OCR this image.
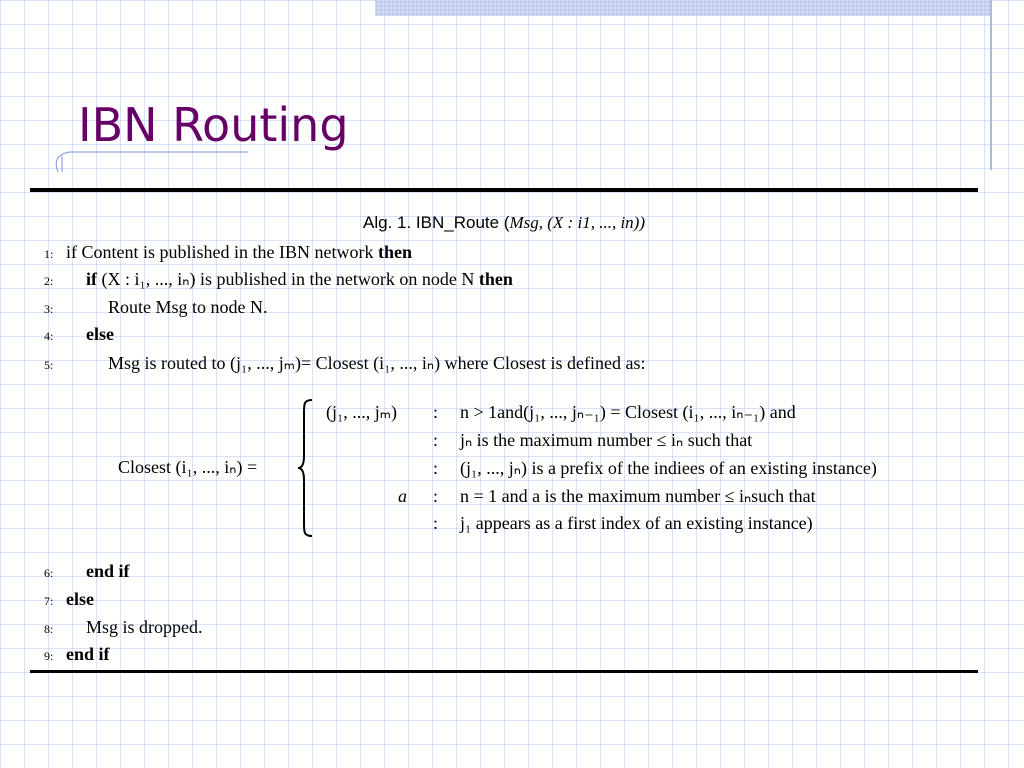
IBN Routing
Alg. 1. IBN_Route (Msg, (X : i1, ..., in))
1: if Content is published in the IBN network then
2: if (X : i₁, ..., iₙ) is published in the network on node N then
3:	Route Msg to node N.
4: else
5:	Msg is routed to (j₁, ..., jₘ)= Closest (i₁, ..., iₙ) where Closest is defined as:
Closest (i₁, ..., iₙ) =
(j₁, ..., jₘ)
a
:
:
:
:
:
n > 1and(j₁, ..., jₙ₋₁) = Closest (i₁, ..., iₙ₋₁) and
jₙ is the maximum number ≤ iₙ such that
(j₁, ..., jₙ) is a prefix of the indiees of an existing instance)
n = 1 and a is the maximum number ≤ iₙsuch that
j₁ appears as a first index of an existing instance)
6: end if
7: else
8: Msg is dropped.
9: end if
